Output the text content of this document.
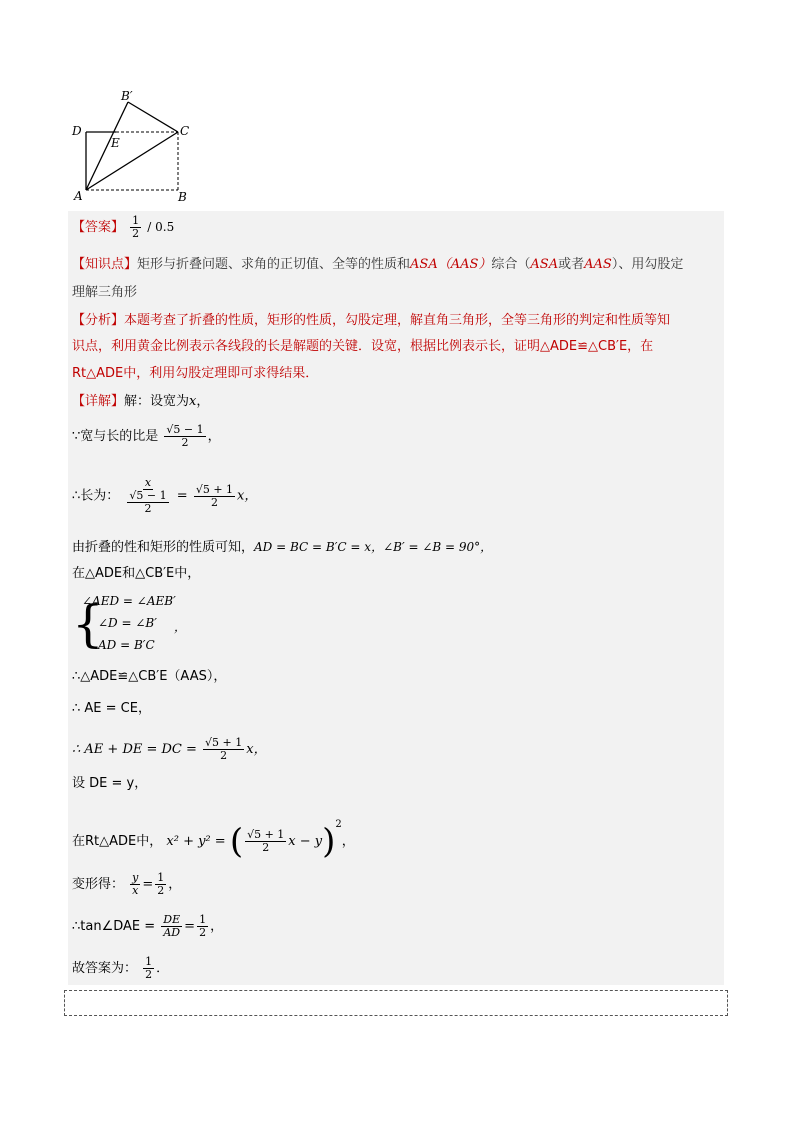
D
B′
C
E
A	B
【答案】 $\frac{1}{2} / 0.5$
【知识点】矩形与折叠问题、求角的正切值、全等的性质和ASA（AAS）综合（ASA或者AAS）、用勾股定
理解三角形
【分析】本题考查了折叠的性质，矩形的性质，勾股定理，解直角三角形，全等三角形的判定和性质等知
识点，利用黄金比例表示各线段的长是解题的关键．设宽，根据比例表示长，证明△ADE≌△CB′E，在
Rt△ADE中，利用勾股定理即可求得结果．
【详解】解：设宽为x，
∵宽与长的比是 $\frac{√5 - 1}{2}$ ，
∴长为： $\frac{x}{\frac{√5 - 1}{2}} = \frac{√5 + 1}{2}$ x，
由折叠的性和矩形的性质可知，AD = BC = B′C = x，∠B′ = ∠B = 90°，
在△ADE和△CB′E中，
{
∠AED = ∠AEB′
∠D = ∠B′ ，
AD = B′C
∴△ADE≌△CB′E（AAS），
∴ AE = CE，
∴ AE + DE = DC = $\frac{√5 + 1}{2}$ x，
设 DE = y，
在Rt△ADE中， x² + y² = ( $\frac{√5 + 1}{2}$ x − y)$^2$，
变形得： $\frac{y}{x} = \frac{1}{2}$ ，
∴tan∠DAE = $\frac{DE}{AD} = \frac{1}{2}$ ，
故答案为： $\frac{1}{2}$ ．
